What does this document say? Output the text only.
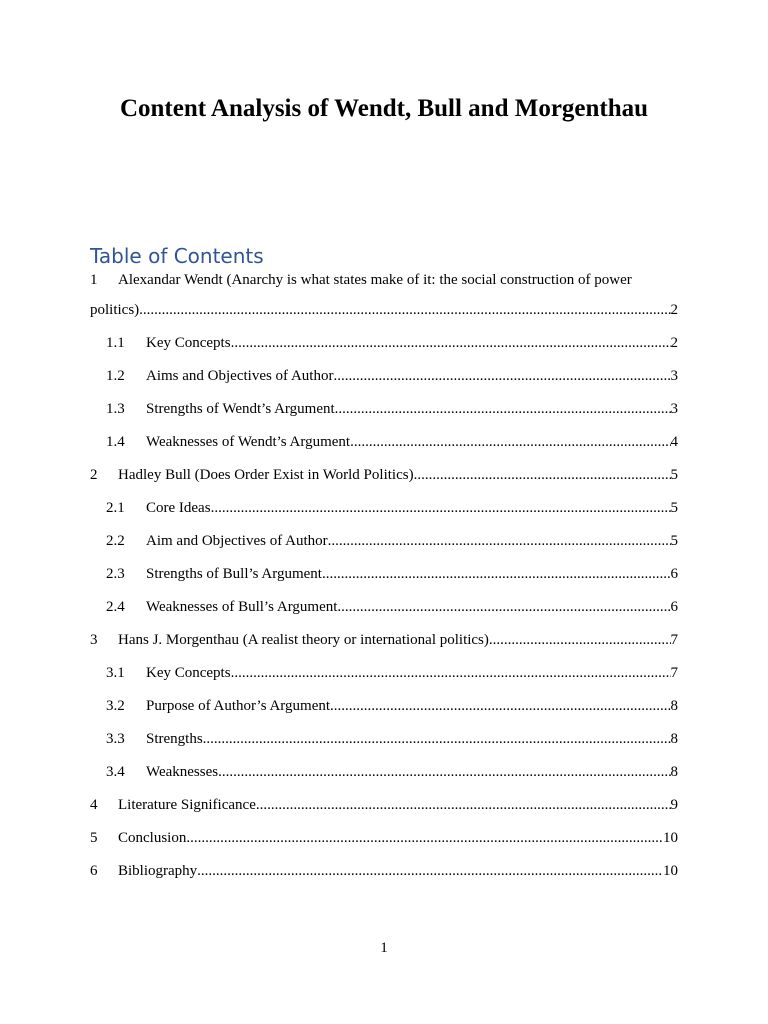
Content Analysis of Wendt, Bull and Morgenthau
Table of Contents
1 Alexandar Wendt (Anarchy is what states make of it: the social construction of power
politics) .....	2
1.1	Key Concepts .....	2
1.2	Aims and Objectives of Author .....	3
1.3	Strengths of Wendt’s Argument .....	3
1.4	Weaknesses of Wendt’s Argument .....	4
2	Hadley Bull (Does Order Exist in World Politics) .....	5
2.1	Core Ideas .....	5
2.2	Aim and Objectives of Author .....	5
2.3	Strengths of Bull’s Argument .....	6
2.4	Weaknesses of Bull’s Argument .....	6
3	Hans J. Morgenthau (A realist theory or international politics) .....	7
3.1	Key Concepts .....	7
3.2	Purpose of Author’s Argument .....	8
3.3	Strengths .....	8
3.4	Weaknesses .....	8
4	Literature Significance .....	9
5	Conclusion .....	10
6	Bibliography .....	10
1
